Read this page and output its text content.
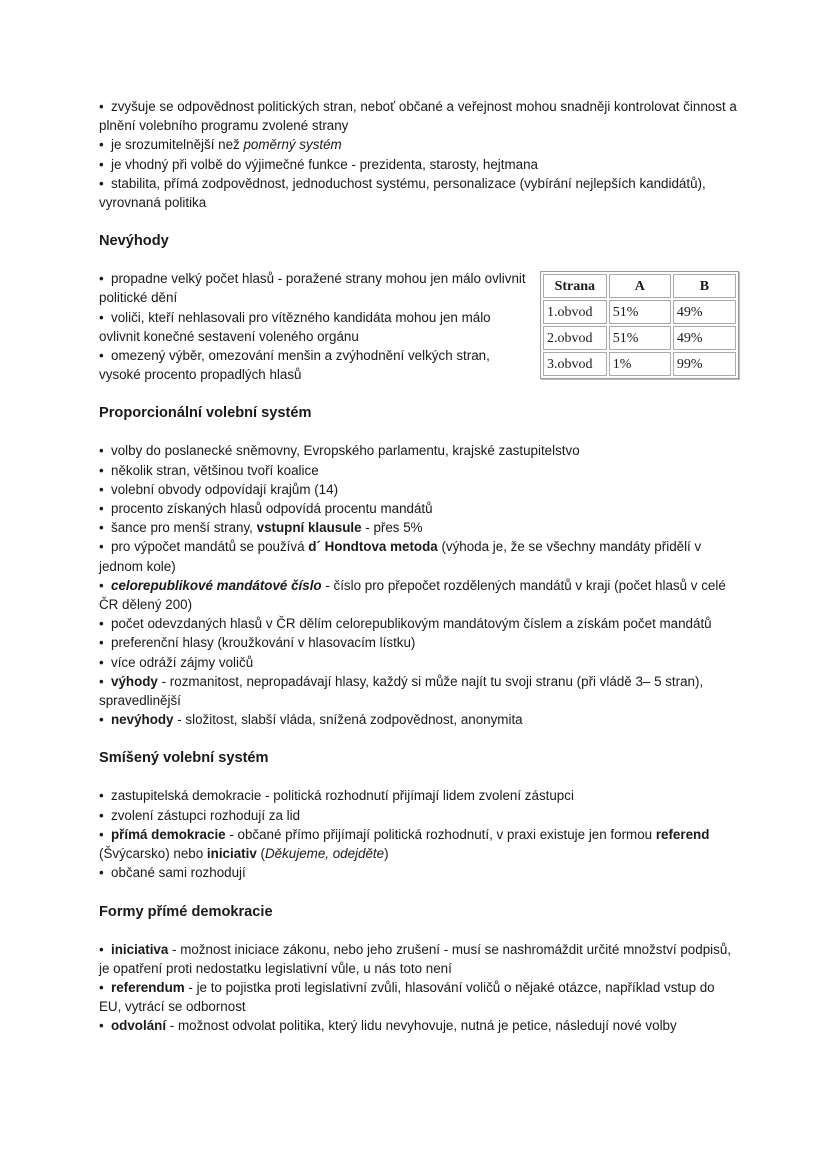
• zvyšuje se odpovědnost politických stran, neboť občané a veřejnost mohou snadněji kontrolovat činnost a plnění volebního programu zvolené strany
• je srozumitelnější než poměrný systém
• je vhodný při volbě do výjimečné funkce - prezidenta, starosty, hejtmana
• stabilita, přímá zodpovědnost, jednoduchost systému, personalizace (vybírání nejlepších kandidátů), vyrovnaná politika
Nevýhody
• propadne velký počet hlasů - poražené strany mohou jen málo ovlivnit politické dění
• voliči, kteří nehlasovali pro vítězného kandidáta mohou jen málo ovlivnit konečné sestavení voleného orgánu
• omezený výběr, omezování menšin a zvýhodnění velkých stran, vysoké procento propadlých hlasů
Strana	A	B
1.obvod	51%	49%
2.obvod	51%	49%
3.obvod	1%	99%
Proporcionální volební systém
• volby do poslanecké sněmovny, Evropského parlamentu, krajské zastupitelstvo
• několik stran, většinou tvoří koalice
• volební obvody odpovídají krajům (14)
• procento získaných hlasů odpovídá procentu mandátů
• šance pro menší strany, vstupní klausule - přes 5%
• pro výpočet mandátů se používá d´ Hondtova metoda (výhoda je, že se všechny mandáty přidělí v jednom kole)
• celorepublikové mandátové číslo - číslo pro přepočet rozdělených mandátů v kraji (počet hlasů v celé ČR dělený 200)
• počet odevzdaných hlasů v ČR dělím celorepublikovým mandátovým číslem a získám počet mandátů
• preferenční hlasy (kroužkování v hlasovacím lístku)
• více odráží zájmy voličů
• výhody - rozmanitost, nepropadávají hlasy, každý si může najít tu svoji stranu (při vládě 3– 5 stran), spravedlinější
• nevýhody - složitost, slabší vláda, snížená zodpovědnost, anonymita
Smíšený volební systém
• zastupitelská demokracie - politická rozhodnutí přijímají lidem zvolení zástupci
• zvolení zástupci rozhodují za lid
• přímá demokracie - občané přímo přijímají politická rozhodnutí, v praxi existuje jen formou referend (Švýcarsko) nebo iniciativ (Děkujeme, odejděte)
• občané sami rozhodují
Formy přímé demokracie
• iniciativa - možnost iniciace zákonu, nebo jeho zrušení - musí se nashromáždit určité množství podpisů, je opatření proti nedostatku legislativní vůle, u nás toto není
• referendum - je to pojistka proti legislativní zvůli, hlasování voličů o nějaké otázce, například vstup do EU, vytrácí se odbornost
• odvolání - možnost odvolat politika, který lidu nevyhovuje, nutná je petice, následují nové volby
